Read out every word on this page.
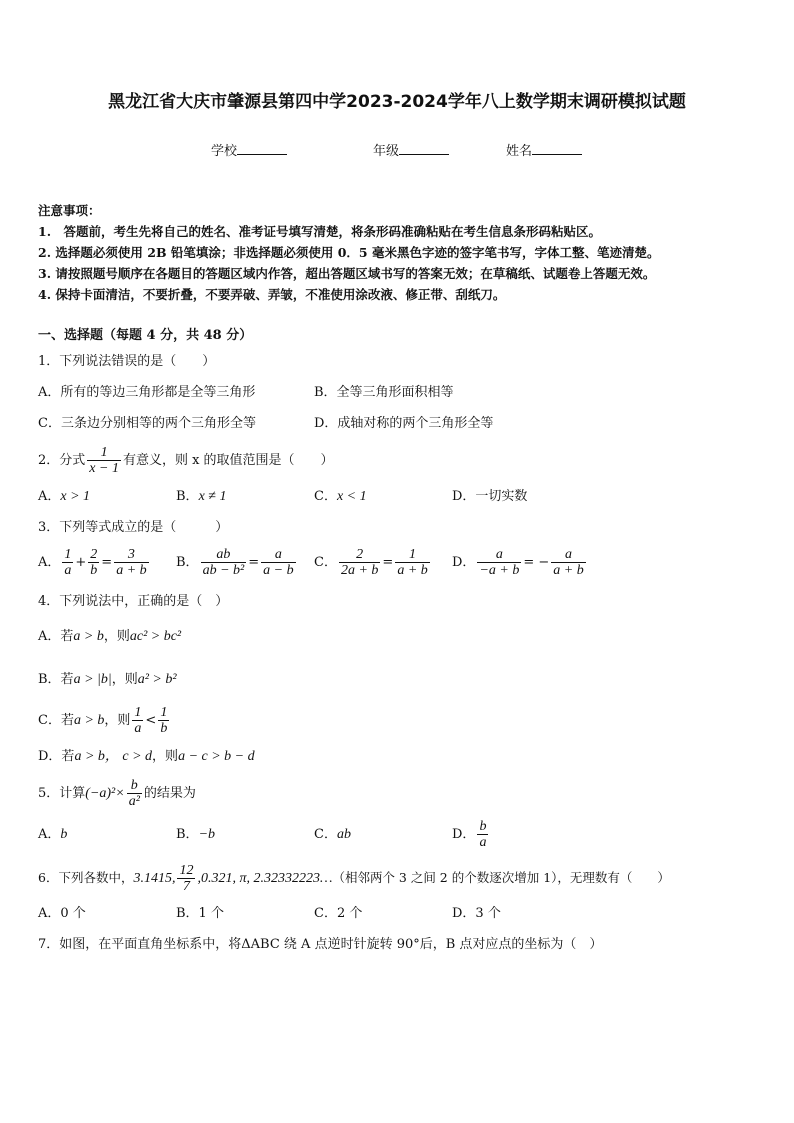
黑龙江省大庆市肇源县第四中学2023-2024学年八上数学期末调研模拟试题
学校	年级	姓名
注意事项：
1.　答题前，考生先将自己的姓名、准考证号填写清楚，将条形码准确粘贴在考生信息条形码粘贴区。
2. 选择题必须使用 2B 铅笔填涂；非选择题必须使用 0．5 毫米黑色字迹的签字笔书写，字体工整、笔迹清楚。
3. 请按照题号顺序在各题目的答题区域内作答，超出答题区域书写的答案无效；在草稿纸、试题卷上答题无效。
4. 保持卡面清洁，不要折叠，不要弄破、弄皱，不准使用涂改液、修正带、刮纸刀。
一、选择题（每题 4 分，共 48 分）
1．下列说法错误的是（　　）
A．所有的等边三角形都是全等三角形	B．全等三角形面积相等
C．三条边分别相等的两个三角形全等	D．成轴对称的两个三角形全等
2．分式 $\frac{1}{x - 1}$ 有意义，则 x 的取值范围是（　　）
A．x > 1	B．x ≠ 1	C．x < 1	D．一切实数
3．下列等式成立的是（　　　）
A． $\frac{1}{a} + \frac{2}{b} = \frac{3}{a + b}$ B． $\frac{ab}{\text{ab − b²}} = \frac{a}{a - b}$ C． $\frac{2}{2a + b} = \frac{1}{a + b}$ D． $\frac{a}{-a + b}$ = − $\frac{a}{a + b}$
4．下列说法中，正确的是（　）
A．若a > b，则ac² > bc²
B．若a > |b|，则a² > b²
C．若a > b，则 $\frac{1}{a} < \frac{1}{b}$
D．若a > b， c > d，则a − c > b − d
5．计算$(-a)^2\times \frac{b}{\text{a²}}$ 的结果为
A．b	B．−b	C．ab	D． $\frac{b}{a}$
6．下列各数中，3.1415, $\frac{12}{7} ,0.321$, π, 2.32332223…（相邻两个 3 之间 2 的个数逐次增加 1），无理数有（　　）
A．0 个	B．1 个	C．2 个	D．3 个
7．如图，在平面直角坐标系中，将ΔABC 绕 A 点逆时针旋转 90°后，B 点对应点的坐标为（　）
